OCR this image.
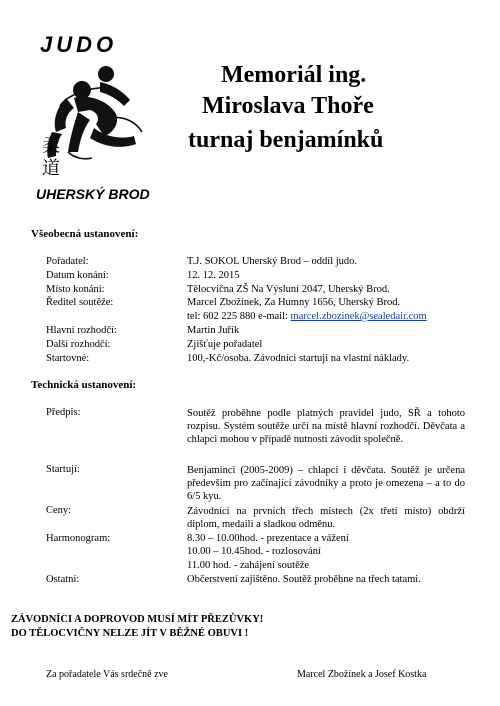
JUDO
柔
道
UHERSKÝ BROD
Memoriál ing.
Miroslava Thoře
turnaj benjamínků
Všeobecná ustanovení:
Pořadatel:	T.J. SOKOL Uherský Brod – oddíl judo.
Datum konání:	12. 12. 2015
Místo konání:	Tělocvična ZŠ Na Výsluní 2047, Uherský Brod.
Ředitel soutěže:	Marcel Zbožínek, Za Humny 1656, Uherský Brod.
tel: 602 225 880 e-mail: marcel.zbozinek@sealedair.com
Hlavní rozhodčí:	Martin Juřík
Další rozhodčí:	Zjišťuje pořadatel
Startovné:	100,-Kč/osoba. Závodníci startují na vlastní náklady.
Technická ustanovení:
Předpis:	Soutěž proběhne podle platných pravidel judo, SŘ a tohoto rozpisu. Systém soutěže určí na místě hlavní rozhodčí. Děvčata a chlapci mohou v případě nutnosti závodit společně.
Startují:	Benjamínci (2005-2009) – chlapci i děvčata. Soutěž je určena především pro začínající závodníky a proto je omezena – a to do 6/5 kyu.
Ceny:	Závodníci na prvních třech místech (2x třetí místo) obdrží diplom, medaili a sladkou odměnu.
Harmonogram:	8.30 – 10.00hod. - prezentace a vážení
10.00 – 10.45hod. - rozlosování
11.00 hod. - zahájení soutěže
Ostatní:	Občerstvení zajištěno. Soutěž proběhne na třech tatami.
ZÁVODNÍCI A DOPROVOD MUSÍ MÍT PŘEZŮVKY!
DO TĚLOCVIČNY NELZE JÍT V BĚŽNÉ OBUVI !
Za pořadatele Vás srdečně zve	Marcel Zbožínek a Josef Kostka
